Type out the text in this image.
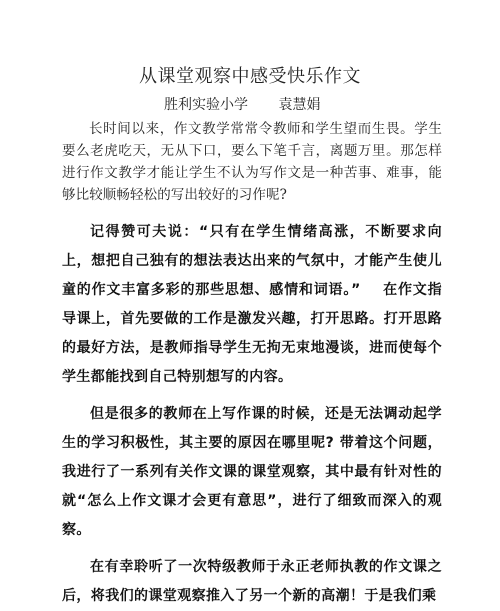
从课堂观察中感受快乐作文
胜利实验小学 袁慧娟

长时间以来，作文教学常常令教师和学生望而生畏。学生要么老虎吃天，无从下口，要么下笔千言，离题万里。那怎样进行作文教学才能让学生不认为写作文是一种苦事、难事，能够比较顺畅轻松的写出较好的习作呢?

记得赞可夫说：“只有在学生情绪高涨，不断要求向上，想把自己独有的想法表达出来的气氛中，才能产生使儿童的作文丰富多彩的那些思想、感情和词语。” 在作文指导课上，首先要做的工作是激发兴趣，打开思路。打开思路的最好方法，是教师指导学生无拘无束地漫谈，进而使每个学生都能找到自己特别想写的内容。

但是很多的教师在上写作课的时候，还是无法调动起学生的学习积极性，其主要的原因在哪里呢? 带着这个问题，我进行了一系列有关作文课的课堂观察，其中最有针对性的就“怎么上作文课才会更有意思”，进行了细致而深入的观察。

在有幸聆听了一次特级教师于永正老师执教的作文课之后，将我们的课堂观察推入了另一个新的高潮！于是我们乘
